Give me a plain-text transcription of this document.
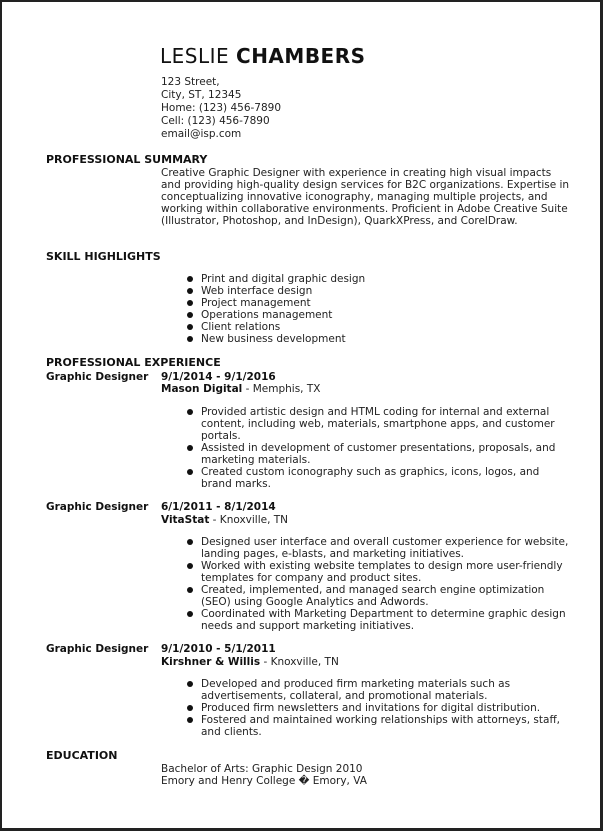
LESLIE CHAMBERS
123 Street,
City, ST, 12345
Home: (123) 456-7890
Cell: (123) 456-7890
email@isp.com
PROFESSIONAL SUMMARY
Creative Graphic Designer with experience in creating high visual impacts and providing high-quality design services for B2C organizations. Expertise in conceptualizing innovative iconography, managing multiple projects, and working within collaborative environments. Proficient in Adobe Creative Suite (Illustrator, Photoshop, and InDesign), QuarkXPress, and CorelDraw.
SKILL HIGHLIGHTS
Print and digital graphic design
Web interface design
Project management
Operations management
Client relations
New business development
PROFESSIONAL EXPERIENCE
Graphic Designer 9/1/2014 - 9/1/2016
Mason Digital - Memphis, TX
Provided artistic design and HTML coding for internal and external content, including web, materials, smartphone apps, and customer portals.
Assisted in development of customer presentations, proposals, and marketing materials.
Created custom iconography such as graphics, icons, logos, and brand marks.
Graphic Designer 6/1/2011 - 8/1/2014
VitaStat - Knoxville, TN
Designed user interface and overall customer experience for website, landing pages, e-blasts, and marketing initiatives.
Worked with existing website templates to design more user-friendly templates for company and product sites.
Created, implemented, and managed search engine optimization (SEO) using Google Analytics and Adwords.
Coordinated with Marketing Department to determine graphic design needs and support marketing initiatives.
Graphic Designer 9/1/2010 - 5/1/2011
Kirshner & Willis - Knoxville, TN
Developed and produced firm marketing materials such as advertisements, collateral, and promotional materials.
Produced firm newsletters and invitations for digital distribution.
Fostered and maintained working relationships with attorneys, staff, and clients.
EDUCATION
Bachelor of Arts: Graphic Design 2010
Emory and Henry College � Emory, VA
